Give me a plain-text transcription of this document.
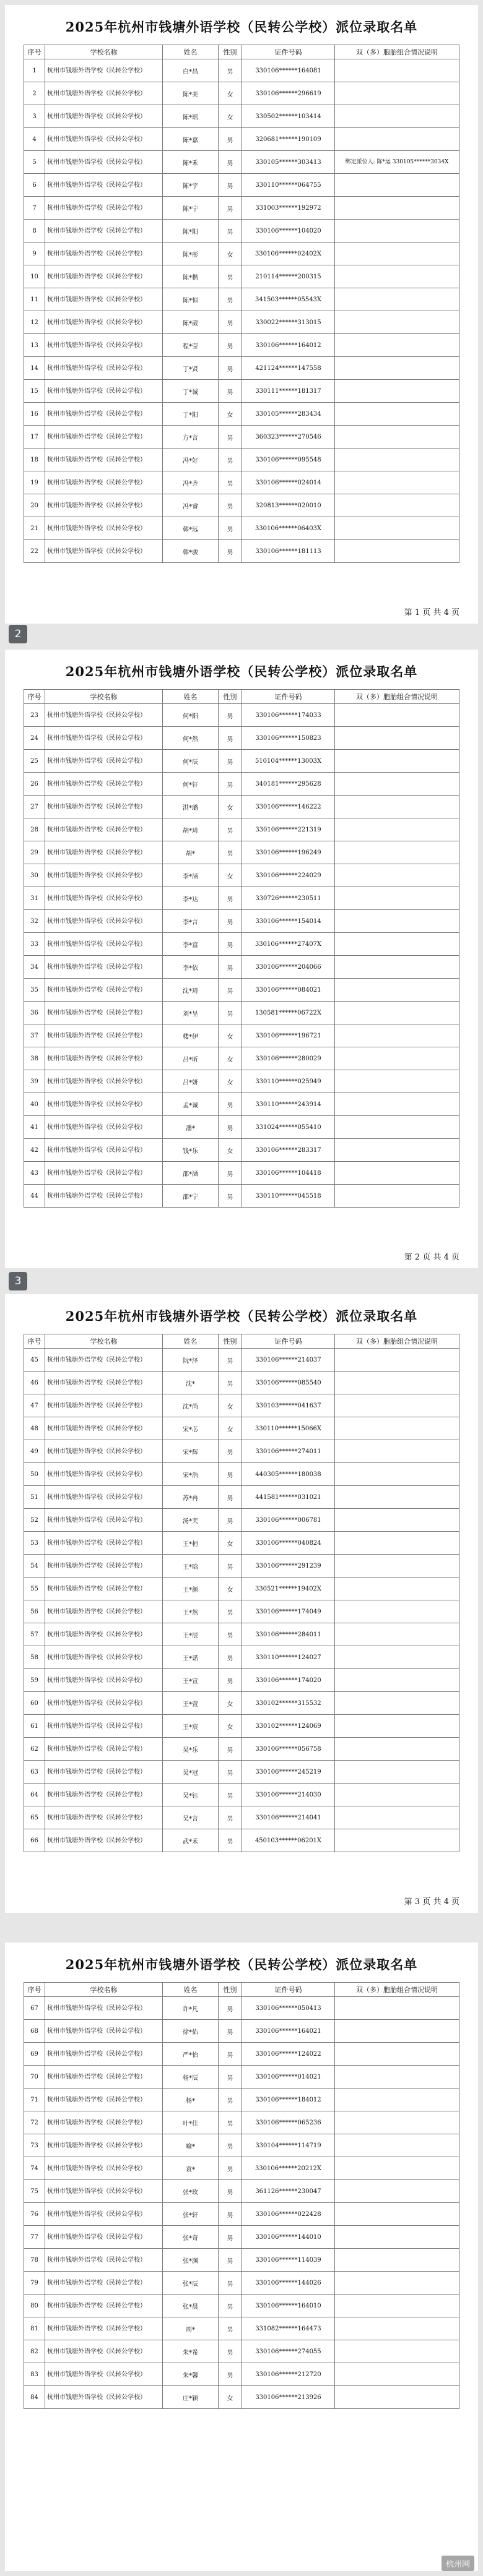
2025年杭州市钱塘外语学校（民转公学校）派位录取名单
序号	学校名称	姓名	性别	证件号码	双（多）胞胎组合情况说明
1	杭州市钱塘外语学校（民转公学校）	白*昌	男	330106******164081	
2	杭州市钱塘外语学校（民转公学校）	陈*美	女	330106******296619	
3	杭州市钱塘外语学校（民转公学校）	陈*瑶	女	330502******103414	
4	杭州市钱塘外语学校（民转公学校）	陈*嘉	男	320681******190109	
5	杭州市钱塘外语学校（民转公学校）	陈*禾	男	330105******303413	绑定派位人: 陈*运 330105******3034X
6	杭州市钱塘外语学校（民转公学校）	陈*宇	男	330110******064755	
7	杭州市钱塘外语学校（民转公学校）	陈*宁	男	331003******192972	
8	杭州市钱塘外语学校（民转公学校）	陈*阳	男	330106******104020	
9	杭州市钱塘外语学校（民转公学校）	陈*彤	女	330106******02402X	
10	杭州市钱塘外语学校（民转公学校）	陈*楷	男	210114******200315	
11	杭州市钱塘外语学校（民转公学校）	陈*恒	男	341503******05543X	
12	杭州市钱塘外语学校（民转公学校）	陈*葳	男	330022******313015	
13	杭州市钱塘外语学校（民转公学校）	程*莹	男	330106******164012	
14	杭州市钱塘外语学校（民转公学校）	丁*贤	男	421124******147558	
15	杭州市钱塘外语学校（民转公学校）	丁*诚	男	330111******181317	
16	杭州市钱塘外语学校（民转公学校）	丁*阳	女	330105******283434	
17	杭州市钱塘外语学校（民转公学校）	方*言	男	360323******270546	
18	杭州市钱塘外语学校（民转公学校）	冯*好	男	330106******095548	
19	杭州市钱塘外语学校（民转公学校）	冯*齐	男	330106******024014	
20	杭州市钱塘外语学校（民转公学校）	冯*睿	男	320813******020010	
21	杭州市钱塘外语学校（民转公学校）	韩*远	男	330106******06403X	
22	杭州市钱塘外语学校（民转公学校）	韩*骏	男	330106******181113	
第 1 页 共 4 页
2025年杭州市钱塘外语学校（民转公学校）派位录取名单
序号	学校名称	姓名	性别	证件号码	双（多）胞胎组合情况说明
23	杭州市钱塘外语学校（民转公学校）	何*阳	男	330106******174033	
24	杭州市钱塘外语学校（民转公学校）	何*然	男	330106******150823	
25	杭州市钱塘外语学校（民转公学校）	何*辰	男	510104******13003X	
26	杭州市钱塘外语学校（民转公学校）	何*轩	男	340181******295628	
27	杭州市钱塘外语学校（民转公学校）	洪*璐	女	330106******146222	
28	杭州市钱塘外语学校（民转公学校）	胡*琦	男	330106******221319	
29	杭州市钱塘外语学校（民转公学校）	胡*	男	330106******196249	
30	杭州市钱塘外语学校（民转公学校）	李*涵	女	330106******224029	
31	杭州市钱塘外语学校（民转公学校）	李*达	男	330726******230511	
32	杭州市钱塘外语学校（民转公学校）	李*言	男	330106******154014	
33	杭州市钱塘外语学校（民转公学校）	李*富	男	330106******27407X	
34	杭州市钱塘外语学校（民转公学校）	李*依	男	330106******204066	
35	杭州市钱塘外语学校（民转公学校）	沈*琦	男	330106******084021	
36	杭州市钱塘外语学校（民转公学校）	刘*呈	男	130581******06722X	
37	杭州市钱塘外语学校（民转公学校）	楼*伊	女	330106******196721	
38	杭州市钱塘外语学校（民转公学校）	吕*昕	女	330106******280029	
39	杭州市钱塘外语学校（民转公学校）	吕*妍	女	330110******025949	
40	杭州市钱塘外语学校（民转公学校）	孟*诚	男	330110******243914	
41	杭州市钱塘外语学校（民转公学校）	潘*	男	331024******055410	
42	杭州市钱塘外语学校（民转公学校）	钱*乐	女	330106******283317	
43	杭州市钱塘外语学校（民转公学校）	邵*涵	男	330106******104418	
44	杭州市钱塘外语学校（民转公学校）	邵*宁	男	330110******045518	
第 2 页 共 4 页
2
2025年杭州市钱塘外语学校（民转公学校）派位录取名单
序号	学校名称	姓名	性别	证件号码	双（多）胞胎组合情况说明
45	杭州市钱塘外语学校（民转公学校）	阮*泽	男	330106******214037	
46	杭州市钱塘外语学校（民转公学校）	沈*	男	330106******085540	
47	杭州市钱塘外语学校（民转公学校）	沈*尚	女	330103******041637	
48	杭州市钱塘外语学校（民转公学校）	宋*芯	女	330110******15066X	
49	杭州市钱塘外语学校（民转公学校）	宋*辉	男	330106******274011	
50	杭州市钱塘外语学校（民转公学校）	宋*浩	男	440305******180038	
51	杭州市钱塘外语学校（民转公学校）	苏*冉	男	441581******031021	
52	杭州市钱塘外语学校（民转公学校）	汤*芙	男	330106******006781	
53	杭州市钱塘外语学校（民转公学校）	王*桓	女	330106******040824	
54	杭州市钱塘外语学校（民转公学校）	王*晗	男	330106******291239	
55	杭州市钱塘外语学校（民转公学校）	王*颜	女	330521******19402X	
56	杭州市钱塘外语学校（民转公学校）	王*然	男	330106******174049	
57	杭州市钱塘外语学校（民转公学校）	王*辰	男	330106******284011	
58	杭州市钱塘外语学校（民转公学校）	王*诺	男	330110******124027	
59	杭州市钱塘外语学校（民转公学校）	王*宣	男	330106******174020	
60	杭州市钱塘外语学校（民转公学校）	王*萱	女	330102******315532	
61	杭州市钱塘外语学校（民转公学校）	王*宸	女	330102******124069	
62	杭州市钱塘外语学校（民转公学校）	吴*乐	男	330106******056758	
63	杭州市钱塘外语学校（民转公学校）	吴*冠	男	330106******245219	
64	杭州市钱塘外语学校（民转公学校）	吴*钰	男	330106******214030	
65	杭州市钱塘外语学校（民转公学校）	吴*言	男	330106******214041	
66	杭州市钱塘外语学校（民转公学校）	武*禾	男	450103******06201X	
第 3 页 共 4 页
3
2025年杭州市钱塘外语学校（民转公学校）派位录取名单
序号	学校名称	姓名	性别	证件号码	双（多）胞胎组合情况说明
67	杭州市钱塘外语学校（民转公学校）	许*凡	男	330106******050413	
68	杭州市钱塘外语学校（民转公学校）	徐*佑	男	330106******164021	
69	杭州市钱塘外语学校（民转公学校）	严*怡	男	330106******124022	
70	杭州市钱塘外语学校（民转公学校）	杨*辰	男	330106******014021	
71	杭州市钱塘外语学校（民转公学校）	杨*	男	330106******184012	
72	杭州市钱塘外语学校（民转公学校）	叶*佳	男	330106******065236	
73	杭州市钱塘外语学校（民转公学校）	喻*	男	330104******114719	
74	杭州市钱塘外语学校（民转公学校）	袁*	男	330106******20212X	
75	杭州市钱塘外语学校（民转公学校）	张*玫	男	361126******230047	
76	杭州市钱塘外语学校（民转公学校）	张*轩	男	330106******022428	
77	杭州市钱塘外语学校（民转公学校）	张*奇	男	330106******144010	
78	杭州市钱塘外语学校（民转公学校）	张*渊	男	330106******114039	
79	杭州市钱塘外语学校（民转公学校）	张*辰	男	330106******144026	
80	杭州市钱塘外语学校（民转公学校）	张*晨	男	330106******164010	
81	杭州市钱塘外语学校（民转公学校）	周*	男	331082******164473	
82	杭州市钱塘外语学校（民转公学校）	朱*希	男	330106******274055	
83	杭州市钱塘外语学校（民转公学校）	朱*馨	男	330106******212720	
84	杭州市钱塘外语学校（民转公学校）	庄*颖	女	330106******213926	
杭州网
